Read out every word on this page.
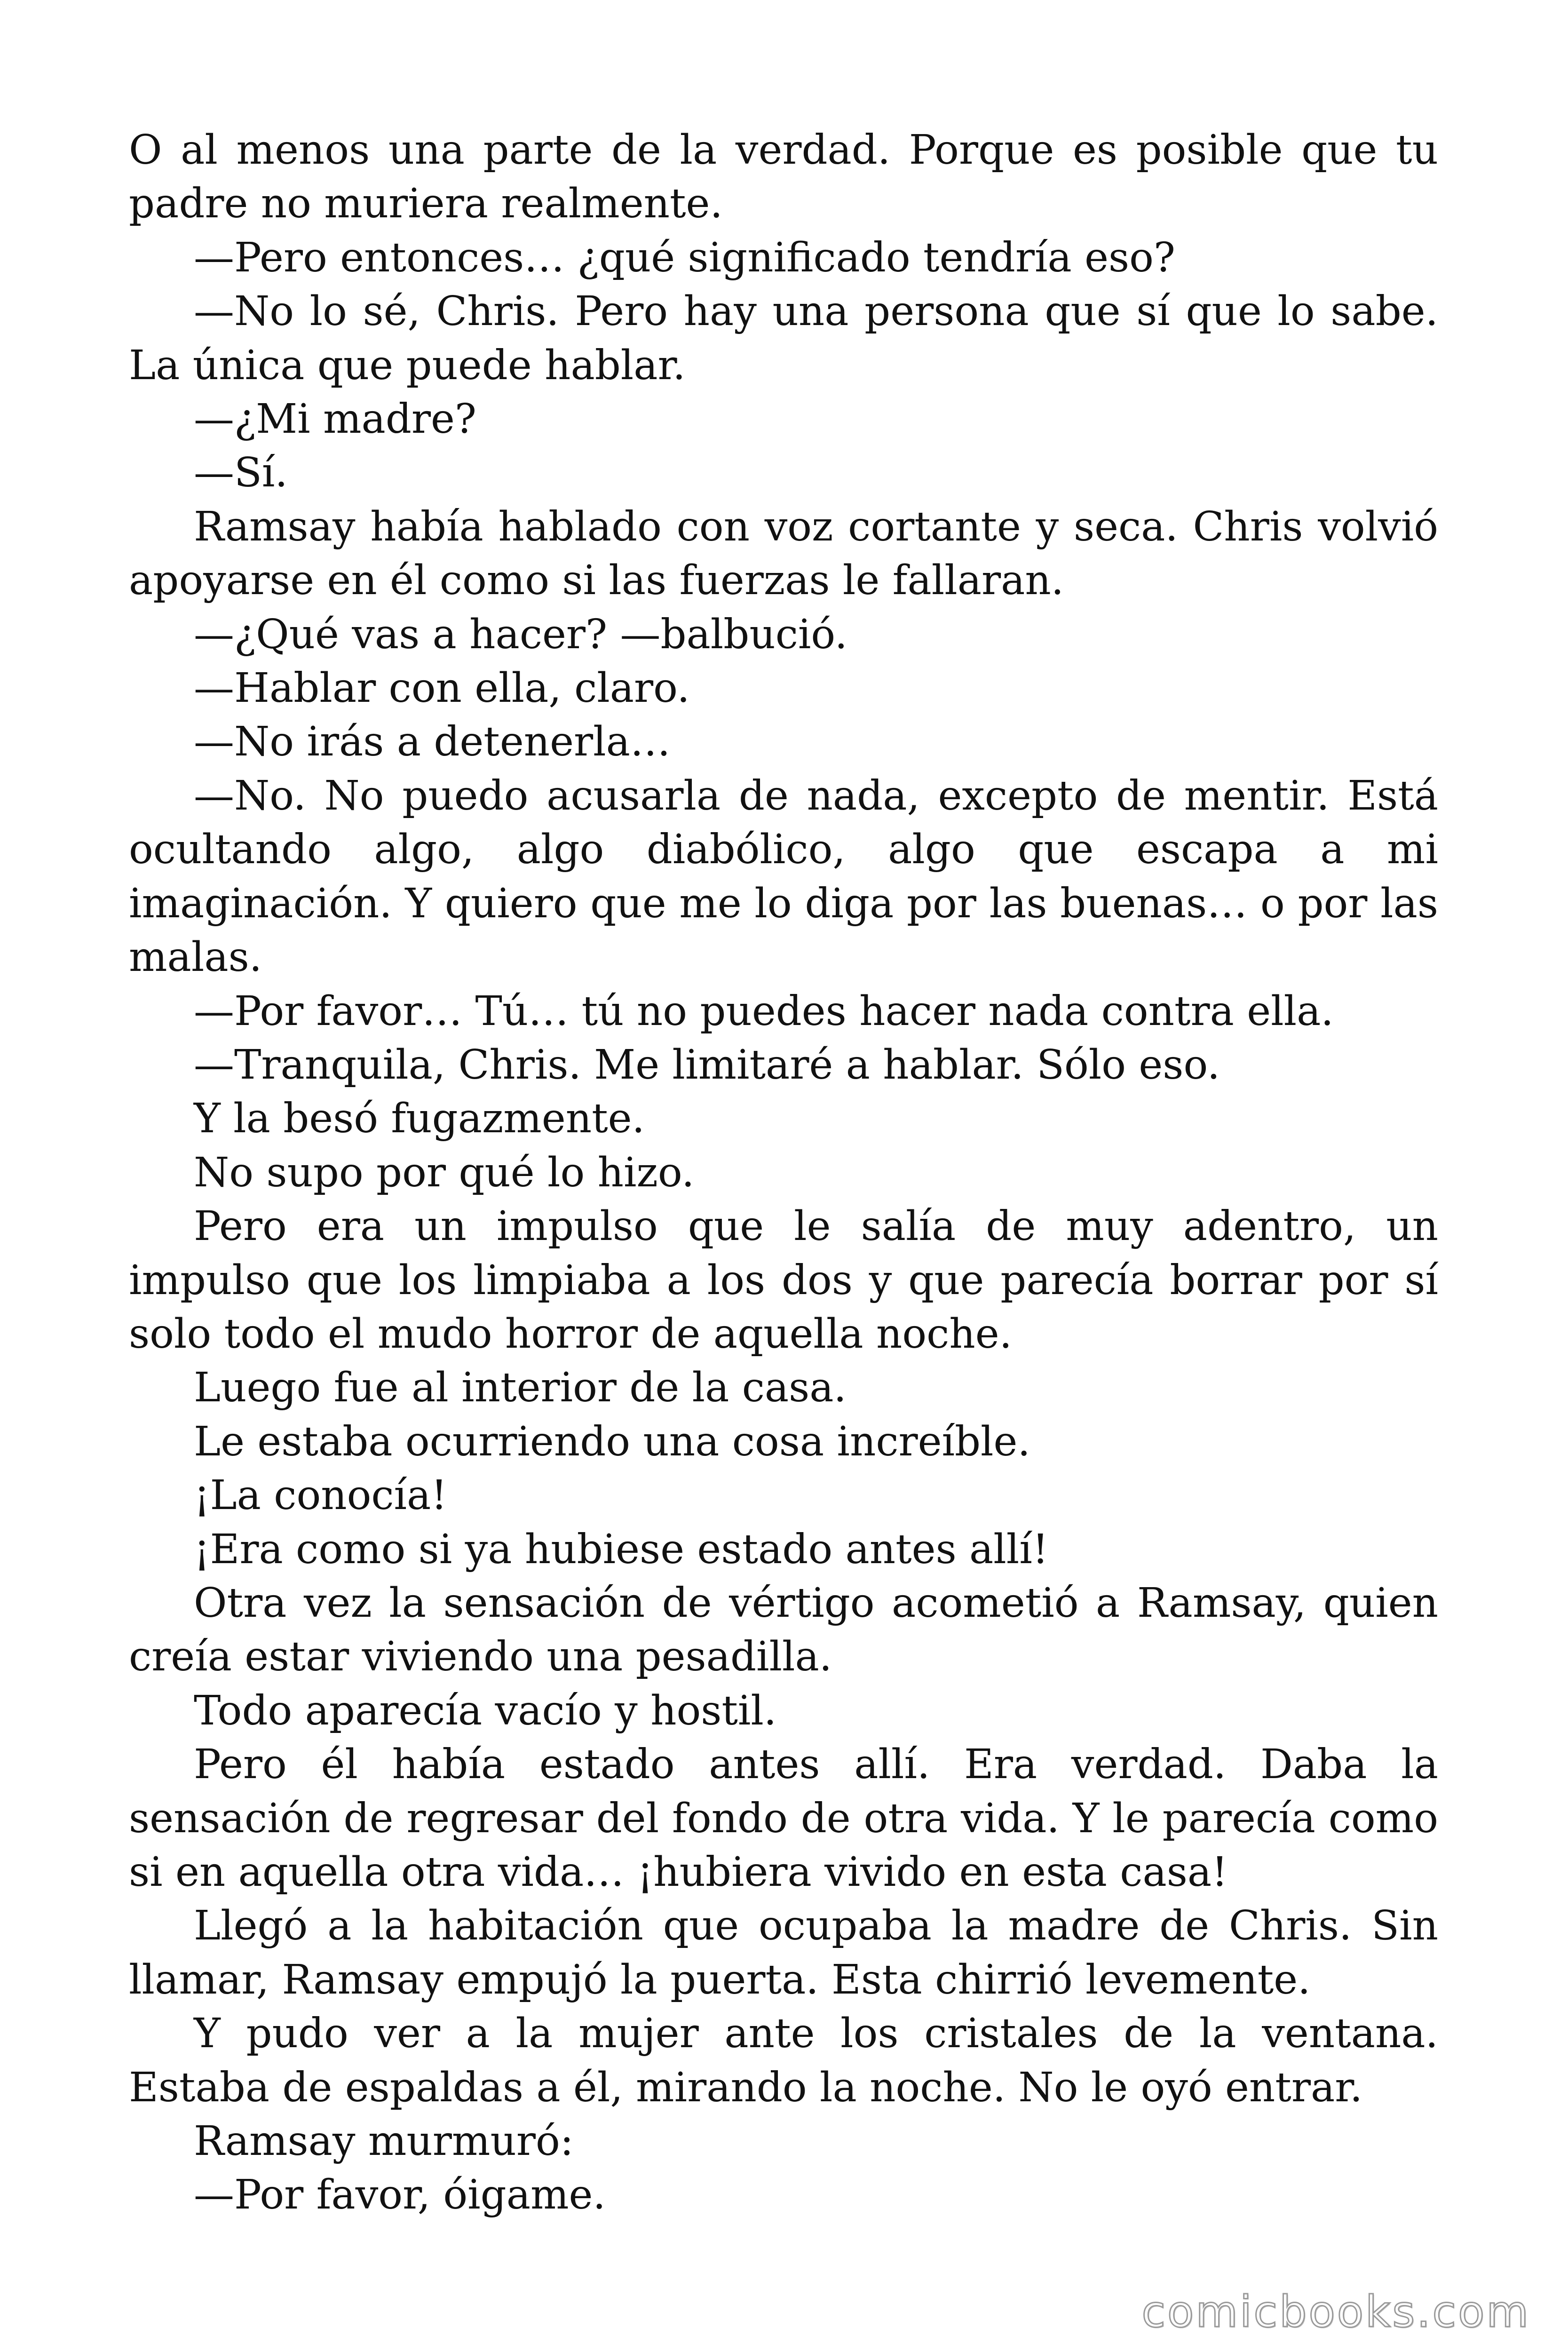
O al menos una parte de la verdad. Porque es posible que tu padre no muriera realmente.

—Pero entonces… ¿qué significado tendría eso?

—No lo sé, Chris. Pero hay una persona que sí que lo sabe. La única que puede hablar.

—¿Mi madre?

—Sí.

Ramsay había hablado con voz cortante y seca. Chris volvió apoyarse en él como si las fuerzas le fallaran.

—¿Qué vas a hacer? —balbució.

—Hablar con ella, claro.

—No irás a detenerla…

—No. No puedo acusarla de nada, excepto de mentir. Está ocultando algo, algo diabólico, algo que escapa a mi imaginación. Y quiero que me lo diga por las buenas… o por las malas.

—Por favor… Tú… tú no puedes hacer nada contra ella.

—Tranquila, Chris. Me limitaré a hablar. Sólo eso.

Y la besó fugazmente.

No supo por qué lo hizo.

Pero era un impulso que le salía de muy adentro, un impulso que los limpiaba a los dos y que parecía borrar por sí solo todo el mudo horror de aquella noche.

Luego fue al interior de la casa.

Le estaba ocurriendo una cosa increíble.

¡La conocía!

¡Era como si ya hubiese estado antes allí!

Otra vez la sensación de vértigo acometió a Ramsay, quien creía estar viviendo una pesadilla.

Todo aparecía vacío y hostil.

Pero él había estado antes allí. Era verdad. Daba la sensación de regresar del fondo de otra vida. Y le parecía como si en aquella otra vida… ¡hubiera vivido en esta casa!

Llegó a la habitación que ocupaba la madre de Chris. Sin llamar, Ramsay empujó la puerta. Esta chirrió levemente.

Y pudo ver a la mujer ante los cristales de la ventana. Estaba de espaldas a él, mirando la noche. No le oyó entrar.

Ramsay murmuró:

—Por favor, óigame.

comicbooks.com
